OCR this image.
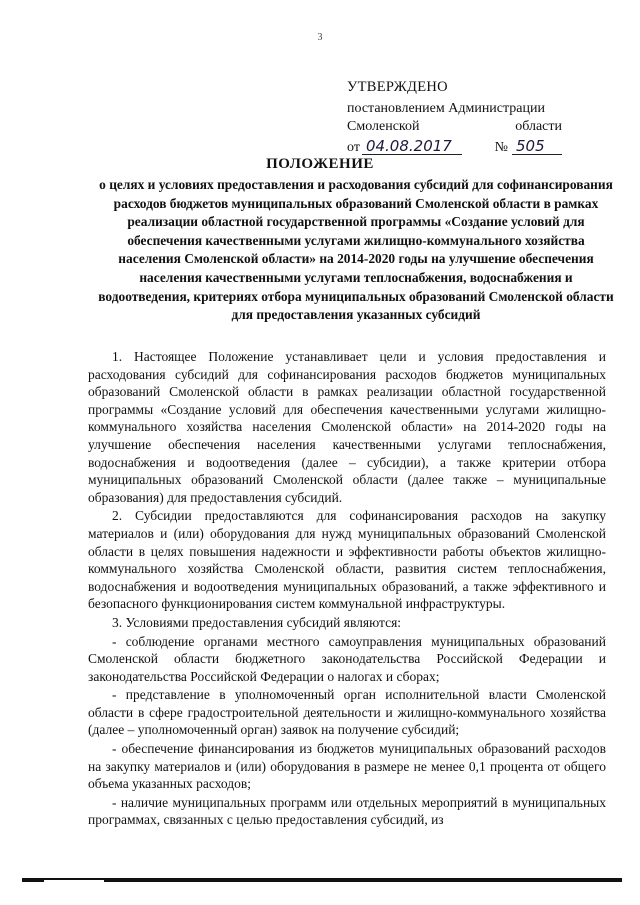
3
УТВЕРЖДЕНО
постановлением Администрации
Смоленской	области
от 04.08.2017	№ 505
ПОЛОЖЕНИЕ
о целях и условиях предоставления и расходования субсидий для софинансирования расходов бюджетов муниципальных образований Смоленской области в рамках реализации областной государственной программы «Создание условий для обеспечения качественными услугами жилищно-коммунального хозяйства населения Смоленской области» на 2014-2020 годы на улучшение обеспечения населения качественными услугами теплоснабжения, водоснабжения и водоотведения, критериях отбора муниципальных образований Смоленской области для предоставления указанных субсидий

1. Настоящее Положение устанавливает цели и условия предоставления и расходования субсидий для софинансирования расходов бюджетов муниципальных образований Смоленской области в рамках реализации областной государственной программы «Создание условий для обеспечения качественными услугами жилищно-коммунального хозяйства населения Смоленской области» на 2014-2020 годы на улучшение обеспечения населения качественными услугами теплоснабжения, водоснабжения и водоотведения (далее – субсидии), а также критерии отбора муниципальных образований Смоленской области (далее также – муниципальные образования) для предоставления субсидий.

2. Субсидии предоставляются для софинансирования расходов на закупку материалов и (или) оборудования для нужд муниципальных образований Смоленской области в целях повышения надежности и эффективности работы объектов жилищно-коммунального хозяйства Смоленской области, развития систем теплоснабжения, водоснабжения и водоотведения муниципальных образований, а также эффективного и безопасного функционирования систем коммунальной инфраструктуры.

3. Условиями предоставления субсидий являются:

- соблюдение органами местного самоуправления муниципальных образований Смоленской области бюджетного законодательства Российской Федерации и законодательства Российской Федерации о налогах и сборах;

- представление в уполномоченный орган исполнительной власти Смоленской области в сфере градостроительной деятельности и жилищно-коммунального хозяйства (далее – уполномоченный орган) заявок на получение субсидий;

- обеспечение финансирования из бюджетов муниципальных образований расходов на закупку материалов и (или) оборудования в размере не менее 0,1 процента от общего объема указанных расходов;

- наличие муниципальных программ или отдельных мероприятий в муниципальных программах, связанных с целью предоставления субсидий, из
